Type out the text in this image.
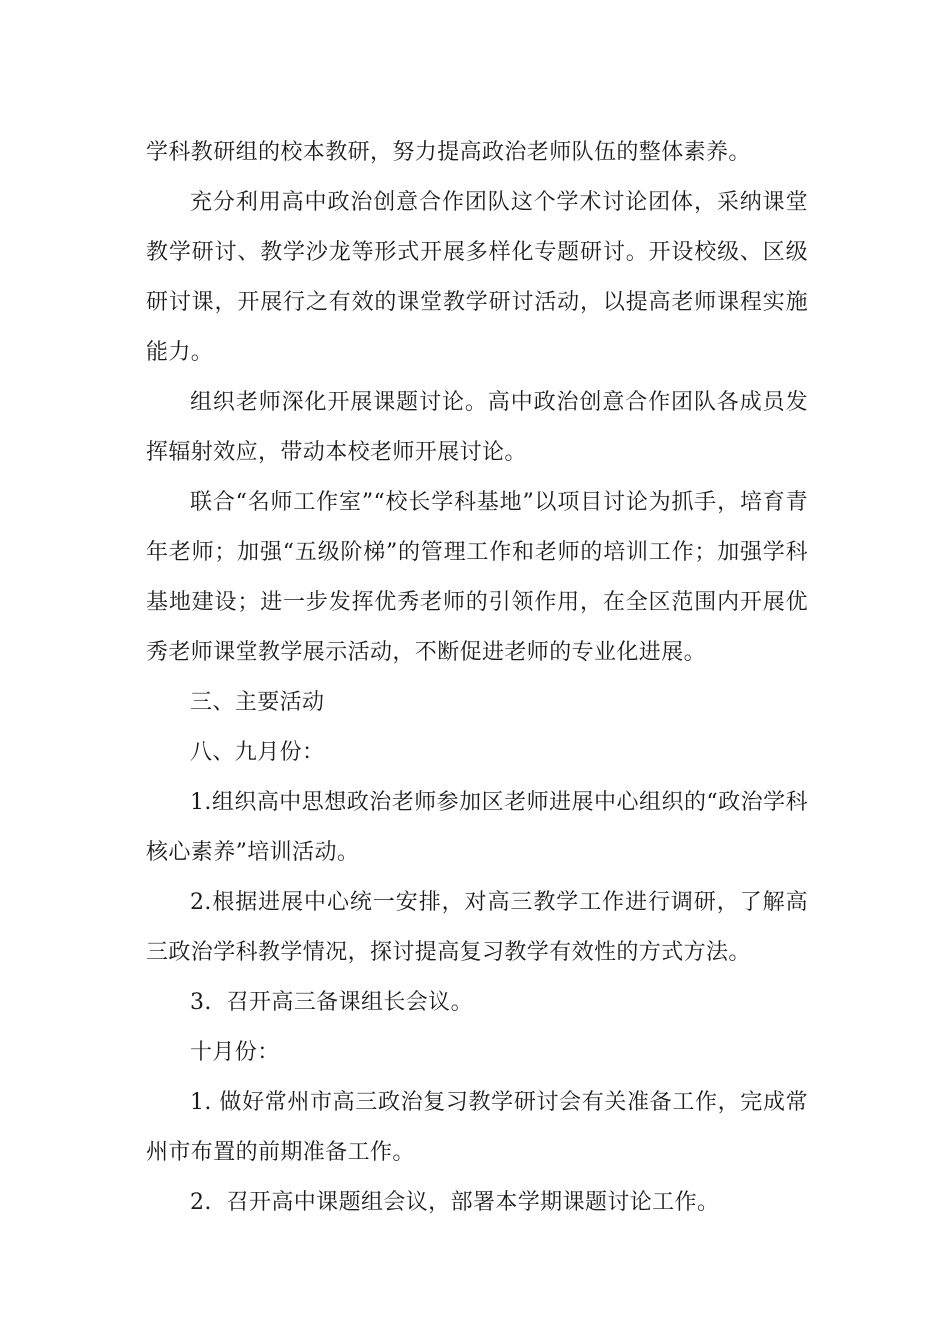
学科教研组的校本教研，努力提高政治老师队伍的整体素养。

充分利用高中政治创意合作团队这个学术讨论团体，采纳课堂教学研讨、教学沙龙等形式开展多样化专题研讨。开设校级、区级研讨课，开展行之有效的课堂教学研讨活动，以提高老师课程实施能力。

组织老师深化开展课题讨论。高中政治创意合作团队各成员发挥辐射效应，带动本校老师开展讨论。

联合“名师工作室”“校长学科基地”以项目讨论为抓手，培育青年老师；加强“五级阶梯”的管理工作和老师的培训工作；加强学科基地建设；进一步发挥优秀老师的引领作用，在全区范围内开展优秀老师课堂教学展示活动，不断促进老师的专业化进展。

三、主要活动

八、九月份：

1.组织高中思想政治老师参加区老师进展中心组织的“政治学科核心素养”培训活动。

2.根据进展中心统一安排，对高三教学工作进行调研，了解高三政治学科教学情况，探讨提高复习教学有效性的方式方法。

3.  召开高三备课组长会议。

十月份：

1. 做好常州市高三政治复习教学研讨会有关准备工作，完成常州市布置的前期准备工作。

2.  召开高中课题组会议，部署本学期课题讨论工作。
